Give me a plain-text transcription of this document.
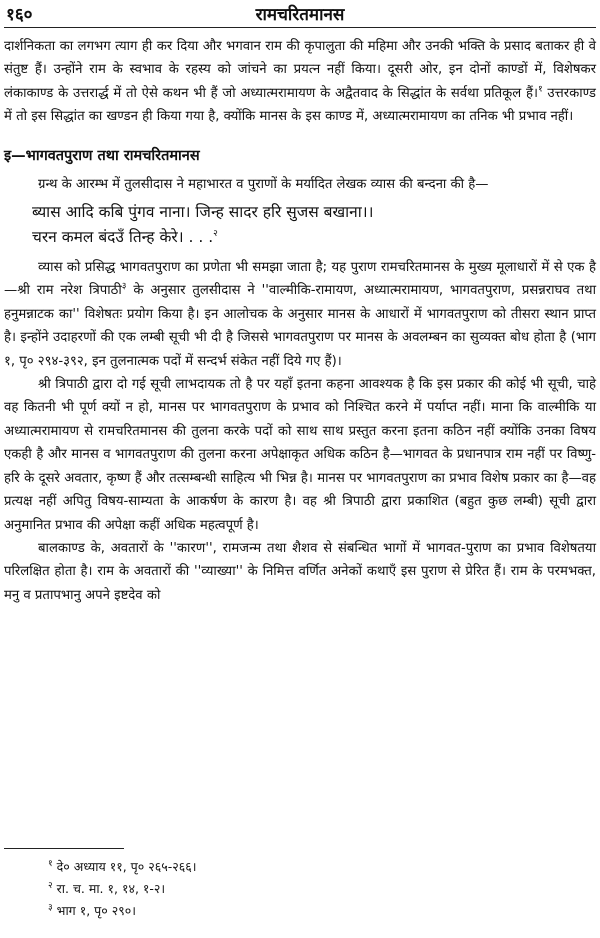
१६०	रामचरितमानस

दार्शनिकता का लगभग त्याग ही कर दिया और भगवान राम की कृपालुता की महिमा और उनकी भक्ति के प्रसाद बताकर ही वे संतुष्ट हैं। उन्होंने राम के स्वभाव के रहस्य को जांचने का प्रयत्न नहीं किया। दूसरी ओर, इन दोनों काण्डों में, विशेषकर लंकाकाण्ड के उत्तरार्द्ध में तो ऐसे कथन भी हैं जो अध्यात्मरामायण के अद्वैतवाद के सिद्धांत के सर्वथा प्रतिकूल हैं।$^१$ उत्तरकाण्ड में तो इस सिद्धांत का खण्डन ही किया गया है, क्योंकि मानस के इस काण्ड में, अध्यात्मरामायण का तनिक भी प्रभाव नहीं।

इ—भागवतपुराण तथा रामचरितमानस

ग्रन्थ के आरम्भ में तुलसीदास ने महाभारत व पुराणों के मर्यादित लेखक व्यास की बन्दना की है—

ब्यास आदि कबि पुंगव नाना। जिन्ह सादर हरि सुजस बखाना।।
चरन कमल बंदउँ तिन्ह केरे। . . .$^२$

व्यास को प्रसिद्ध भागवतपुराण का प्रणेता भी समझा जाता है; यह पुराण रामचरितमानस के मुख्य मूलाधारों में से एक है—श्री राम नरेश त्रिपाठी$^३$ के अनुसार तुलसीदास ने ''वाल्मीकि-रामायण, अध्यात्मरामायण, भागवतपुराण, प्रसन्नराघव तथा हनुमन्नाटक का'' विशेषतः प्रयोग किया है। इन आलोचक के अनुसार मानस के आधारों में भागवतपुराण को तीसरा स्थान प्राप्त है। इन्होंने उदाहरणों की एक लम्बी सूची भी दी है जिससे भागवतपुराण पर मानस के अवलम्बन का सुव्यक्त बोध होता है (भाग १, पृ० २९४-३९२, इन तुलनात्मक पदों में सन्दर्भ संकेत नहीं दिये गए हैं)।

श्री त्रिपाठी द्वारा दो गई सूची लाभदायक तो है पर यहाँ इतना कहना आवश्यक है कि इस प्रकार की कोई भी सूची, चाहे वह कितनी भी पूर्ण क्यों न हो, मानस पर भागवतपुराण के प्रभाव को निश्चित करने में पर्याप्त नहीं। माना कि वाल्मीकि या अध्यात्मरामायण से रामचरितमानस की तुलना करके पदों को साथ साथ प्रस्तुत करना इतना कठिन नहीं क्योंकि उनका विषय एकही है और मानस व भागवतपुराण की तुलना करना अपेक्षाकृत अधिक कठिन है—भागवत के प्रधानपात्र राम नहीं पर विष्णु-हरि के दूसरे अवतार, कृष्ण हैं और तत्सम्बन्धी साहित्य भी भिन्न है। मानस पर भागवतपुराण का प्रभाव विशेष प्रकार का है—वह प्रत्यक्ष नहीं अपितु विषय-साम्यता के आकर्षण के कारण है। वह श्री त्रिपाठी द्वारा प्रकाशित (बहुत कुछ लम्बी) सूची द्वारा अनुमानित प्रभाव की अपेक्षा कहीं अधिक महत्वपूर्ण है।

बालकाण्ड के, अवतारों के ''कारण'', रामजन्म तथा शैशव से संबन्धित भागों में भागवत-पुराण का प्रभाव विशेषतया परिलक्षित होता है। राम के अवतारों की ''व्याख्या'' के निमित्त वर्णित अनेकों कथाएँ इस पुराण से प्रेरित हैं। राम के परमभक्त, मनु व प्रतापभानु अपने इष्टदेव को

$^१$ दे० अध्याय ११, पृ० २६५-२६६।
$^२$ रा. च. मा. १, १४, १-२।
$^३$ भाग १, पृ० २९०।
